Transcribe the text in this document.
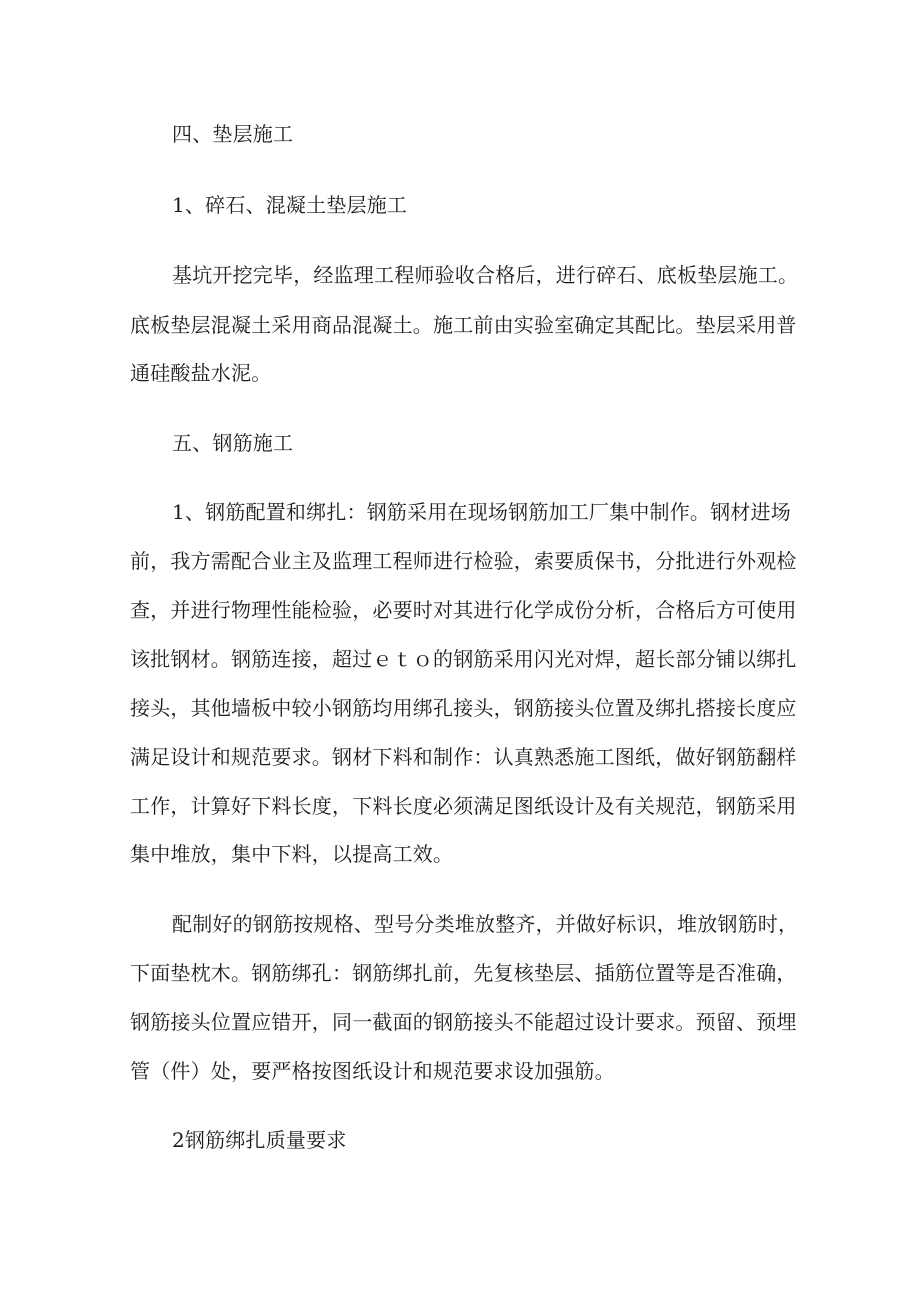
四、垫层施工

1、碎石、混凝土垫层施工

基坑开挖完毕，经监理工程师验收合格后，进行碎石、底板垫层施工。

底板垫层混凝土采用商品混凝土。施工前由实验室确定其配比。垫层采用普

通硅酸盐水泥。

五、钢筋施工

1、钢筋配置和绑扎：钢筋采用在现场钢筋加工厂集中制作。钢材进场

前，我方需配合业主及监理工程师进行检验，索要质保书，分批进行外观检

查，并进行物理性能检验，必要时对其进行化学成份分析，合格后方可使用

该批钢材。钢筋连接，超过ｅｔｏ的钢筋采用闪光对焊，超长部分铺以绑扎

接头，其他墙板中较小钢筋均用绑孔接头，钢筋接头位置及绑扎搭接长度应

满足设计和规范要求。钢材下料和制作：认真熟悉施工图纸，做好钢筋翻样

工作，计算好下料长度，下料长度必须满足图纸设计及有关规范，钢筋采用

集中堆放，集中下料，以提高工效。

配制好的钢筋按规格、型号分类堆放整齐，并做好标识，堆放钢筋时，

下面垫枕木。钢筋绑孔：钢筋绑扎前，先复核垫层、插筋位置等是否准确，

钢筋接头位置应错开，同一截面的钢筋接头不能超过设计要求。预留、预埋

管（件）处，要严格按图纸设计和规范要求设加强筋。

2钢筋绑扎质量要求
